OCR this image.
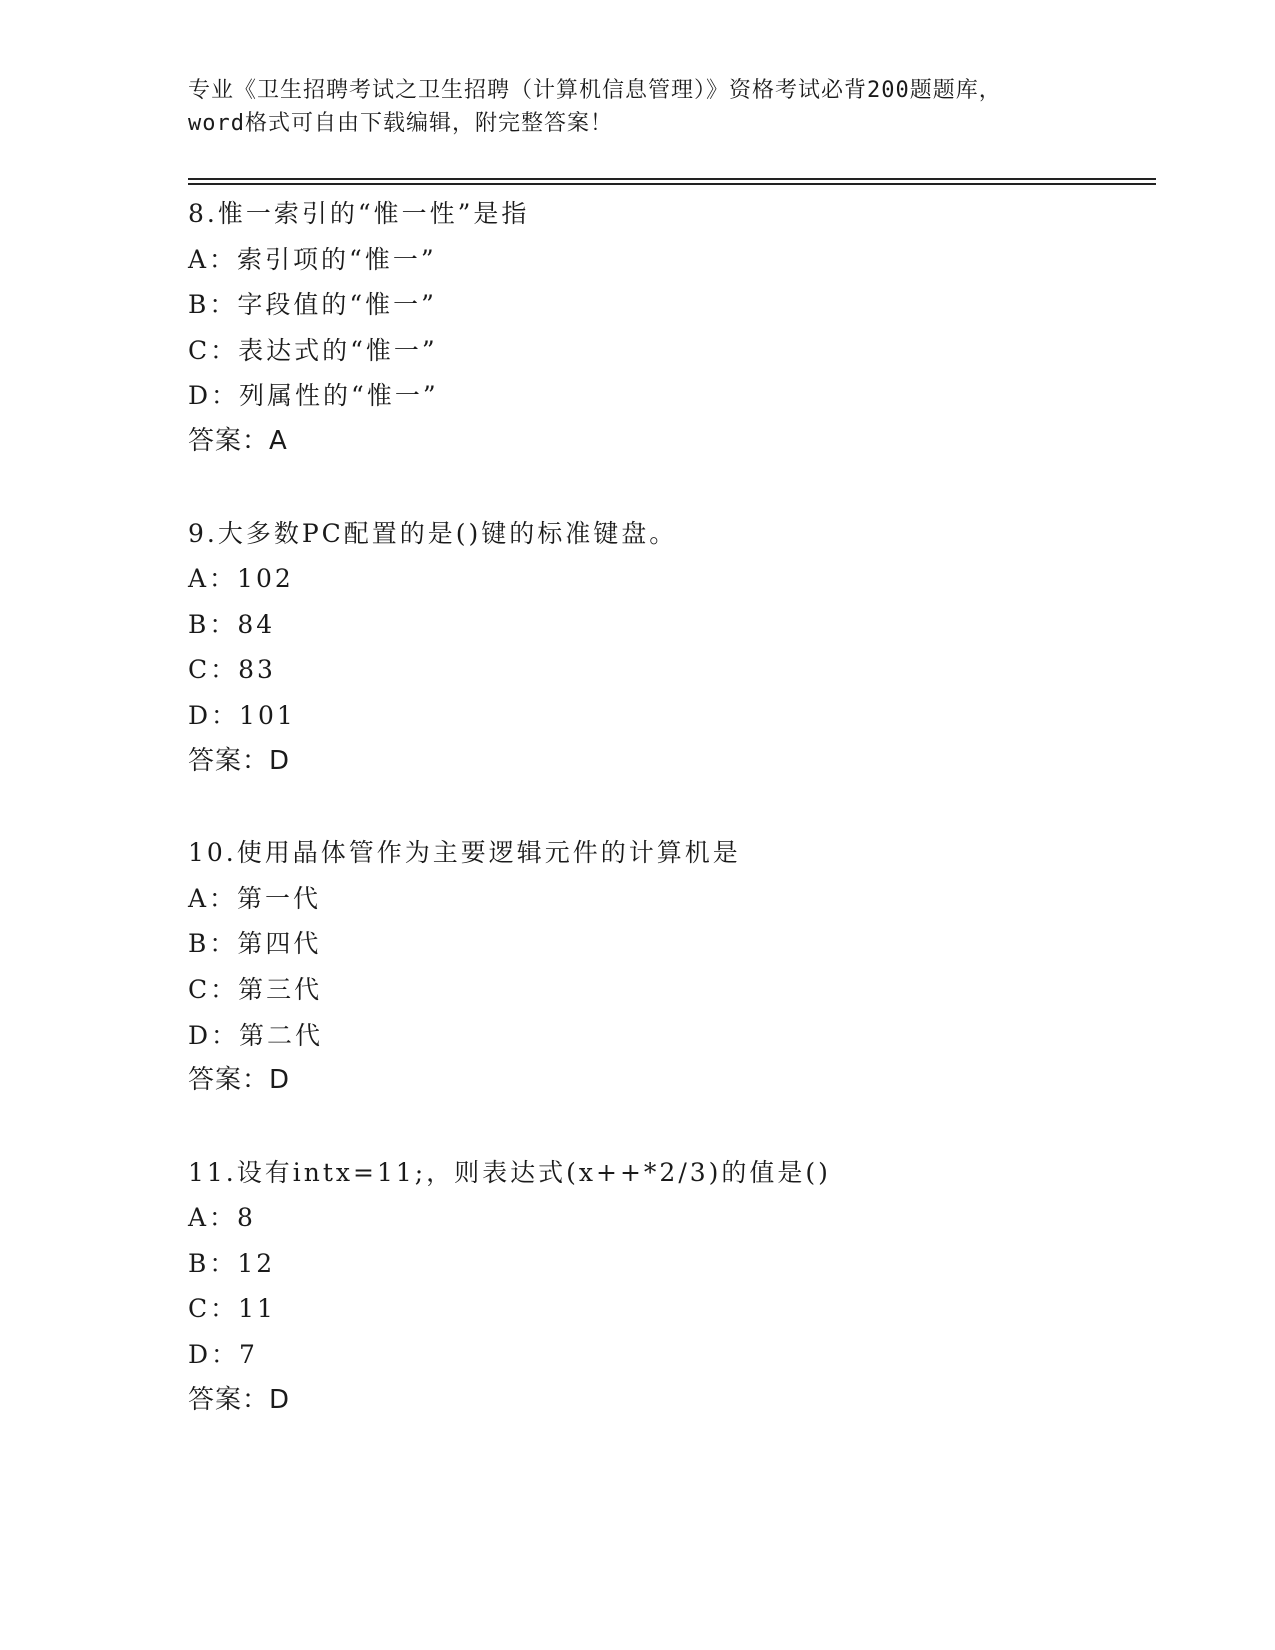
专业《卫生招聘考试之卫生招聘（计算机信息管理）》资格考试必背200题题库，
word格式可自由下载编辑，附完整答案！
8.惟一索引的“惟一性”是指
A：索引项的“惟一”
B：字段值的“惟一”
C：表达式的“惟一”
D：列属性的“惟一”
答案：A
9.大多数PC配置的是()键的标准键盘。
A：102
B：84
C：83
D：101
答案：D
10.使用晶体管作为主要逻辑元件的计算机是
A：第一代
B：第四代
C：第三代
D：第二代
答案：D
11.设有intx=11;，则表达式(x++*2/3)的值是()
A：8
B：12
C：11
D：7
答案：D
